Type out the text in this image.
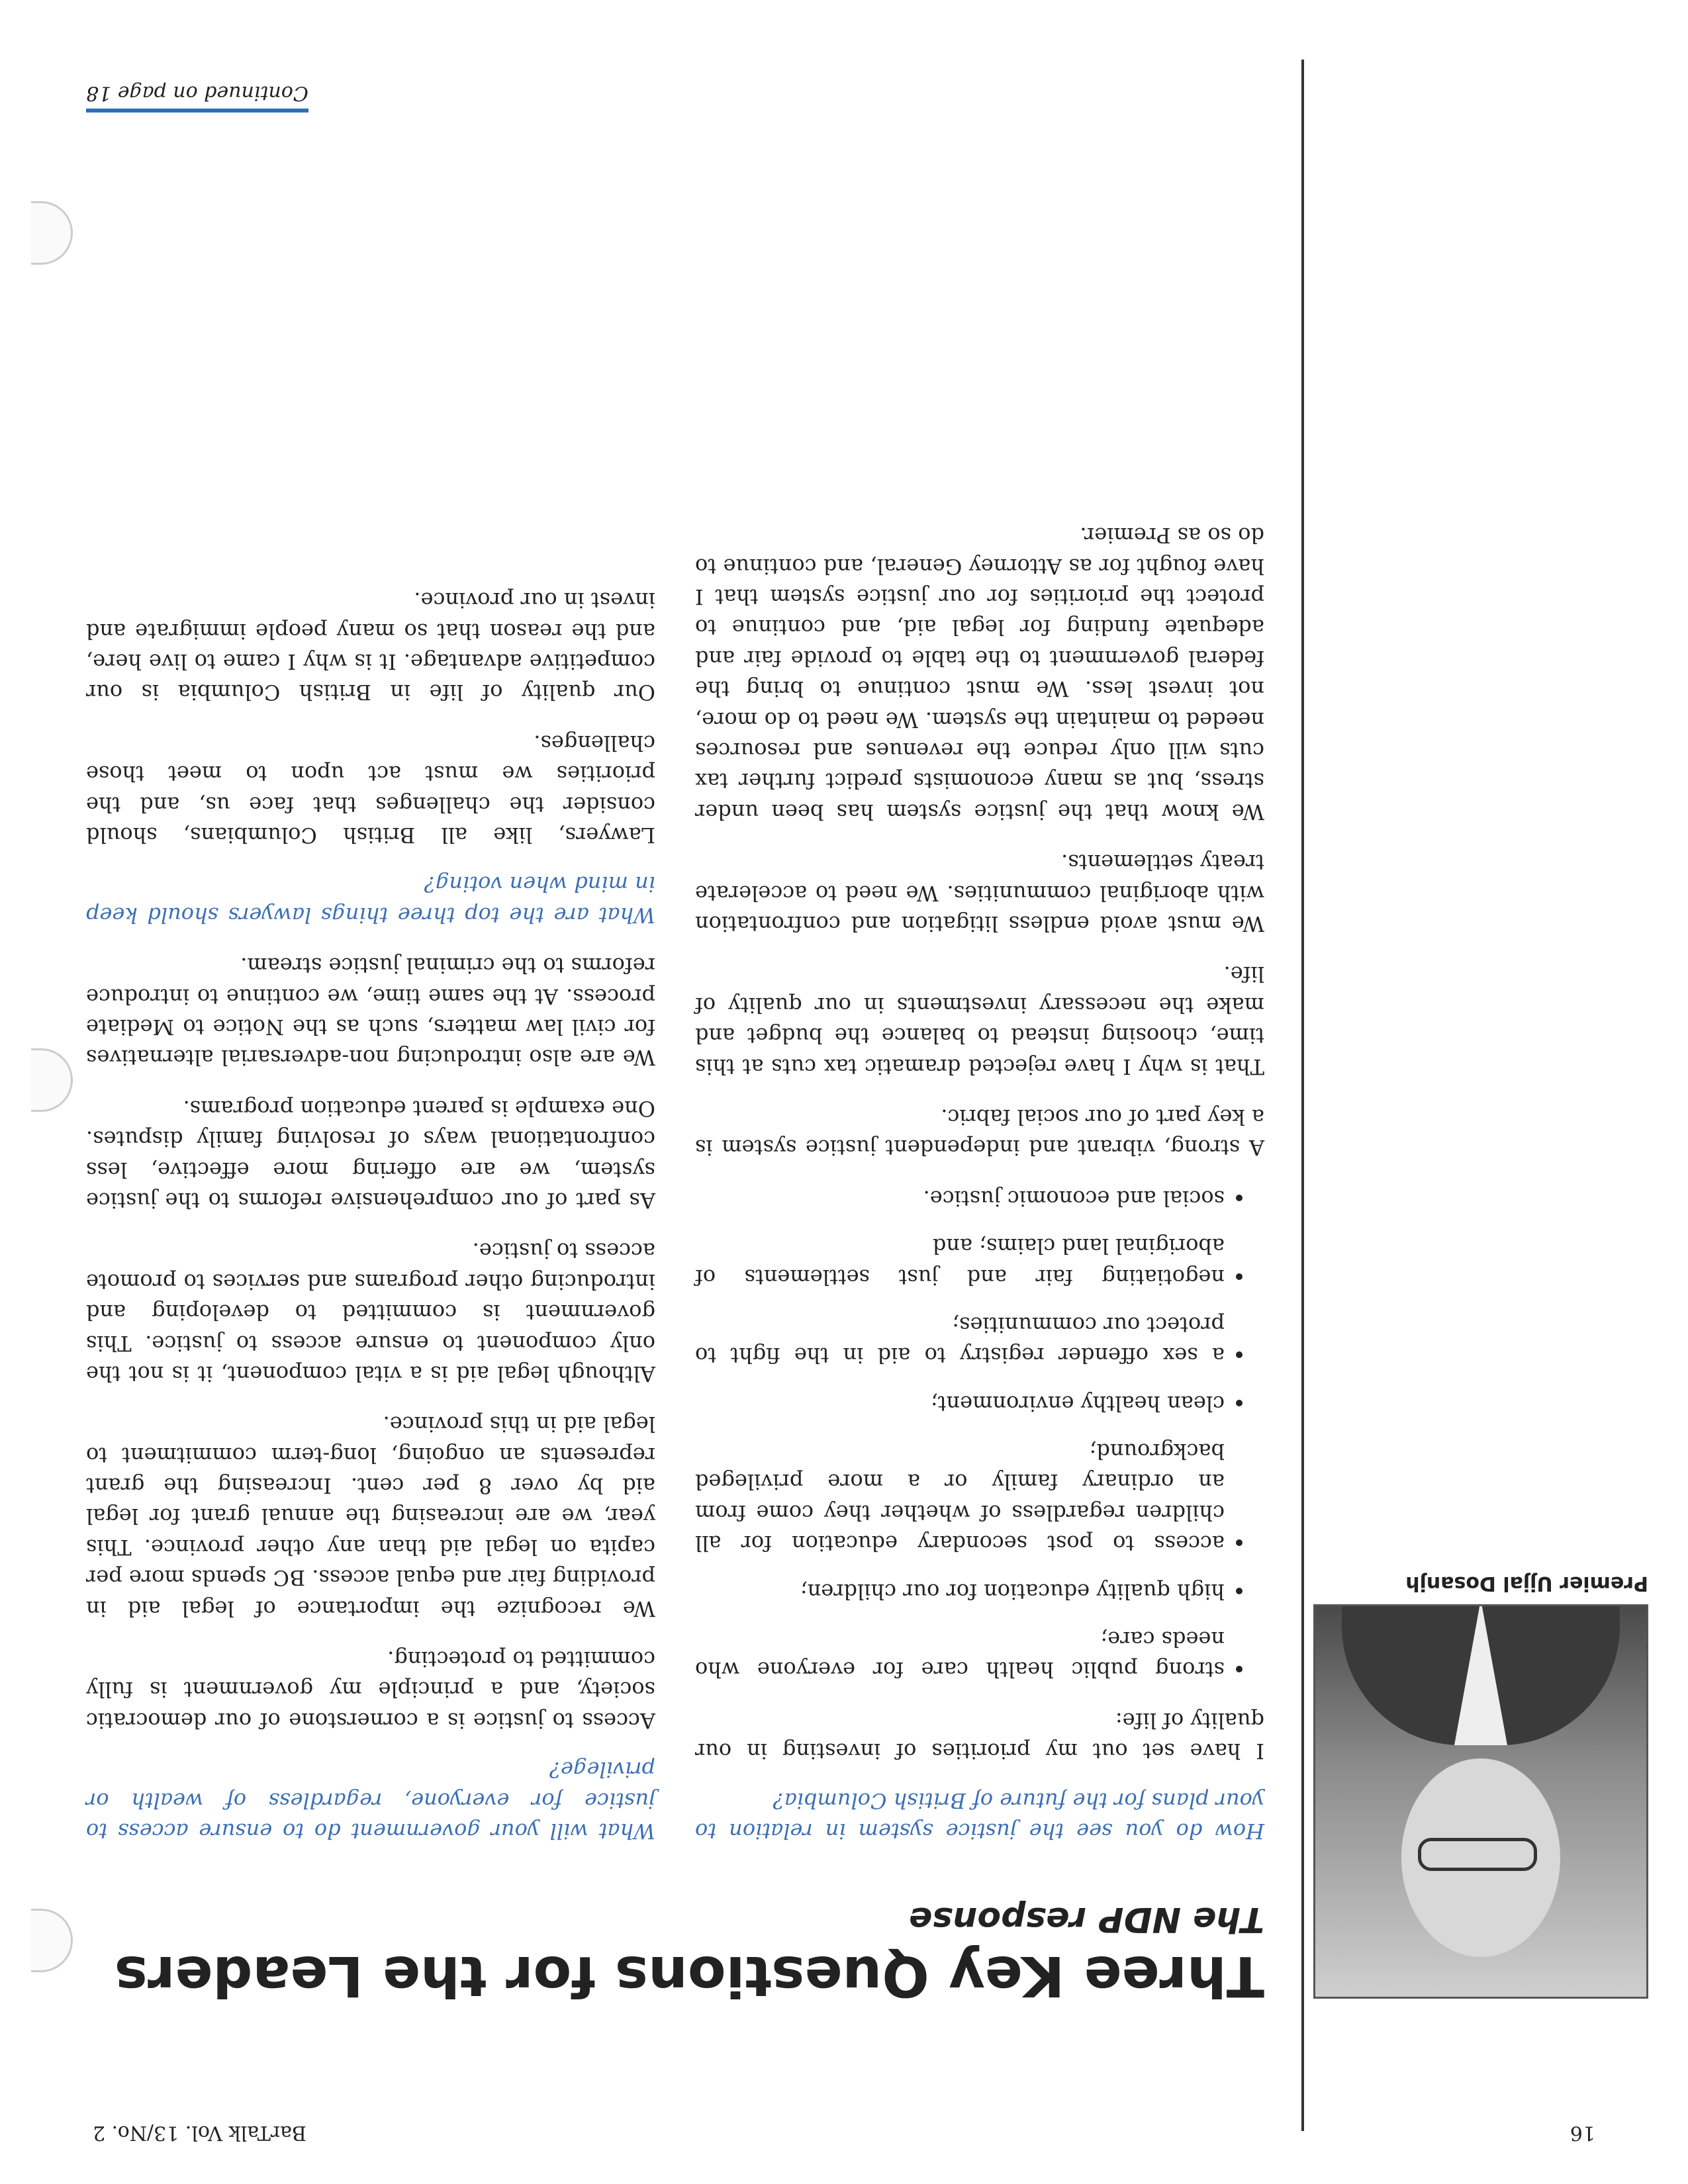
16
BarTalk Vol. 13/No. 2
Premier Ujjal Dosanjh
Three Key Questions for the Leaders
The NDP response

How do you see the justice system in relation to your plans for the future of British Columbia?

I have set out my priorities of investing in our quality of life:

• strong public health care for everyone who needs care;
• high quality education for our children;
• access to post secondary education for all children regardless of whether they come from an ordinary family or a more privileged background;
• clean healthy environment;
• a sex offender registry to aid in the fight to protect our communities;
• negotiating fair and just settlements of aboriginal land claims; and
• social and economic justice.

A strong, vibrant and independent justice system is a key part of our social fabric.

That is why I have rejected dramatic tax cuts at this time, choosing instead to balance the budget and make the necessary investments in our quality of life.

We must avoid endless litigation and confrontation with aboriginal communities. We need to accelerate treaty settlements.

We know that the justice system has been under stress, but as many economists predict further tax cuts will only reduce the revenues and resources needed to maintain the system. We need to do more, not invest less. We must continue to bring the federal government to the table to provide fair and adequate funding for legal aid, and continue to protect the priorities for our justice system that I have fought for as Attorney General, and continue to do so as Premier.

What will your government do to ensure access to justice for everyone, regardless of wealth or privilege?

Access to justice is a cornerstone of our democratic society, and a principle my government is fully committed to protecting.

We recognize the importance of legal aid in providing fair and equal access. BC spends more per capita on legal aid than any other province. This year, we are increasing the annual grant for legal aid by over 8 per cent. Increasing the grant represents an ongoing, long-term commitment to legal aid in this province.

Although legal aid is a vital component, it is not the only component to ensure access to justice. This government is committed to developing and introducing other programs and services to promote access to justice.

As part of our comprehensive reforms to the justice system, we are offering more effective, less confrontational ways of resolving family disputes. One example is parent education programs.

We are also introducing non-adversarial alternatives for civil law matters, such as the Notice to Mediate process. At the same time, we continue to introduce reforms to the criminal justice stream.

What are the top three things lawyers should keep in mind when voting?

Lawyers, like all British Columbians, should consider the challenges that face us, and the priorities we must act upon to meet those challenges.

Our quality of life in British Columbia is our competitive advantage. It is why I came to live here, and the reason that so many people immigrate and invest in our province.

Continued on page 18
